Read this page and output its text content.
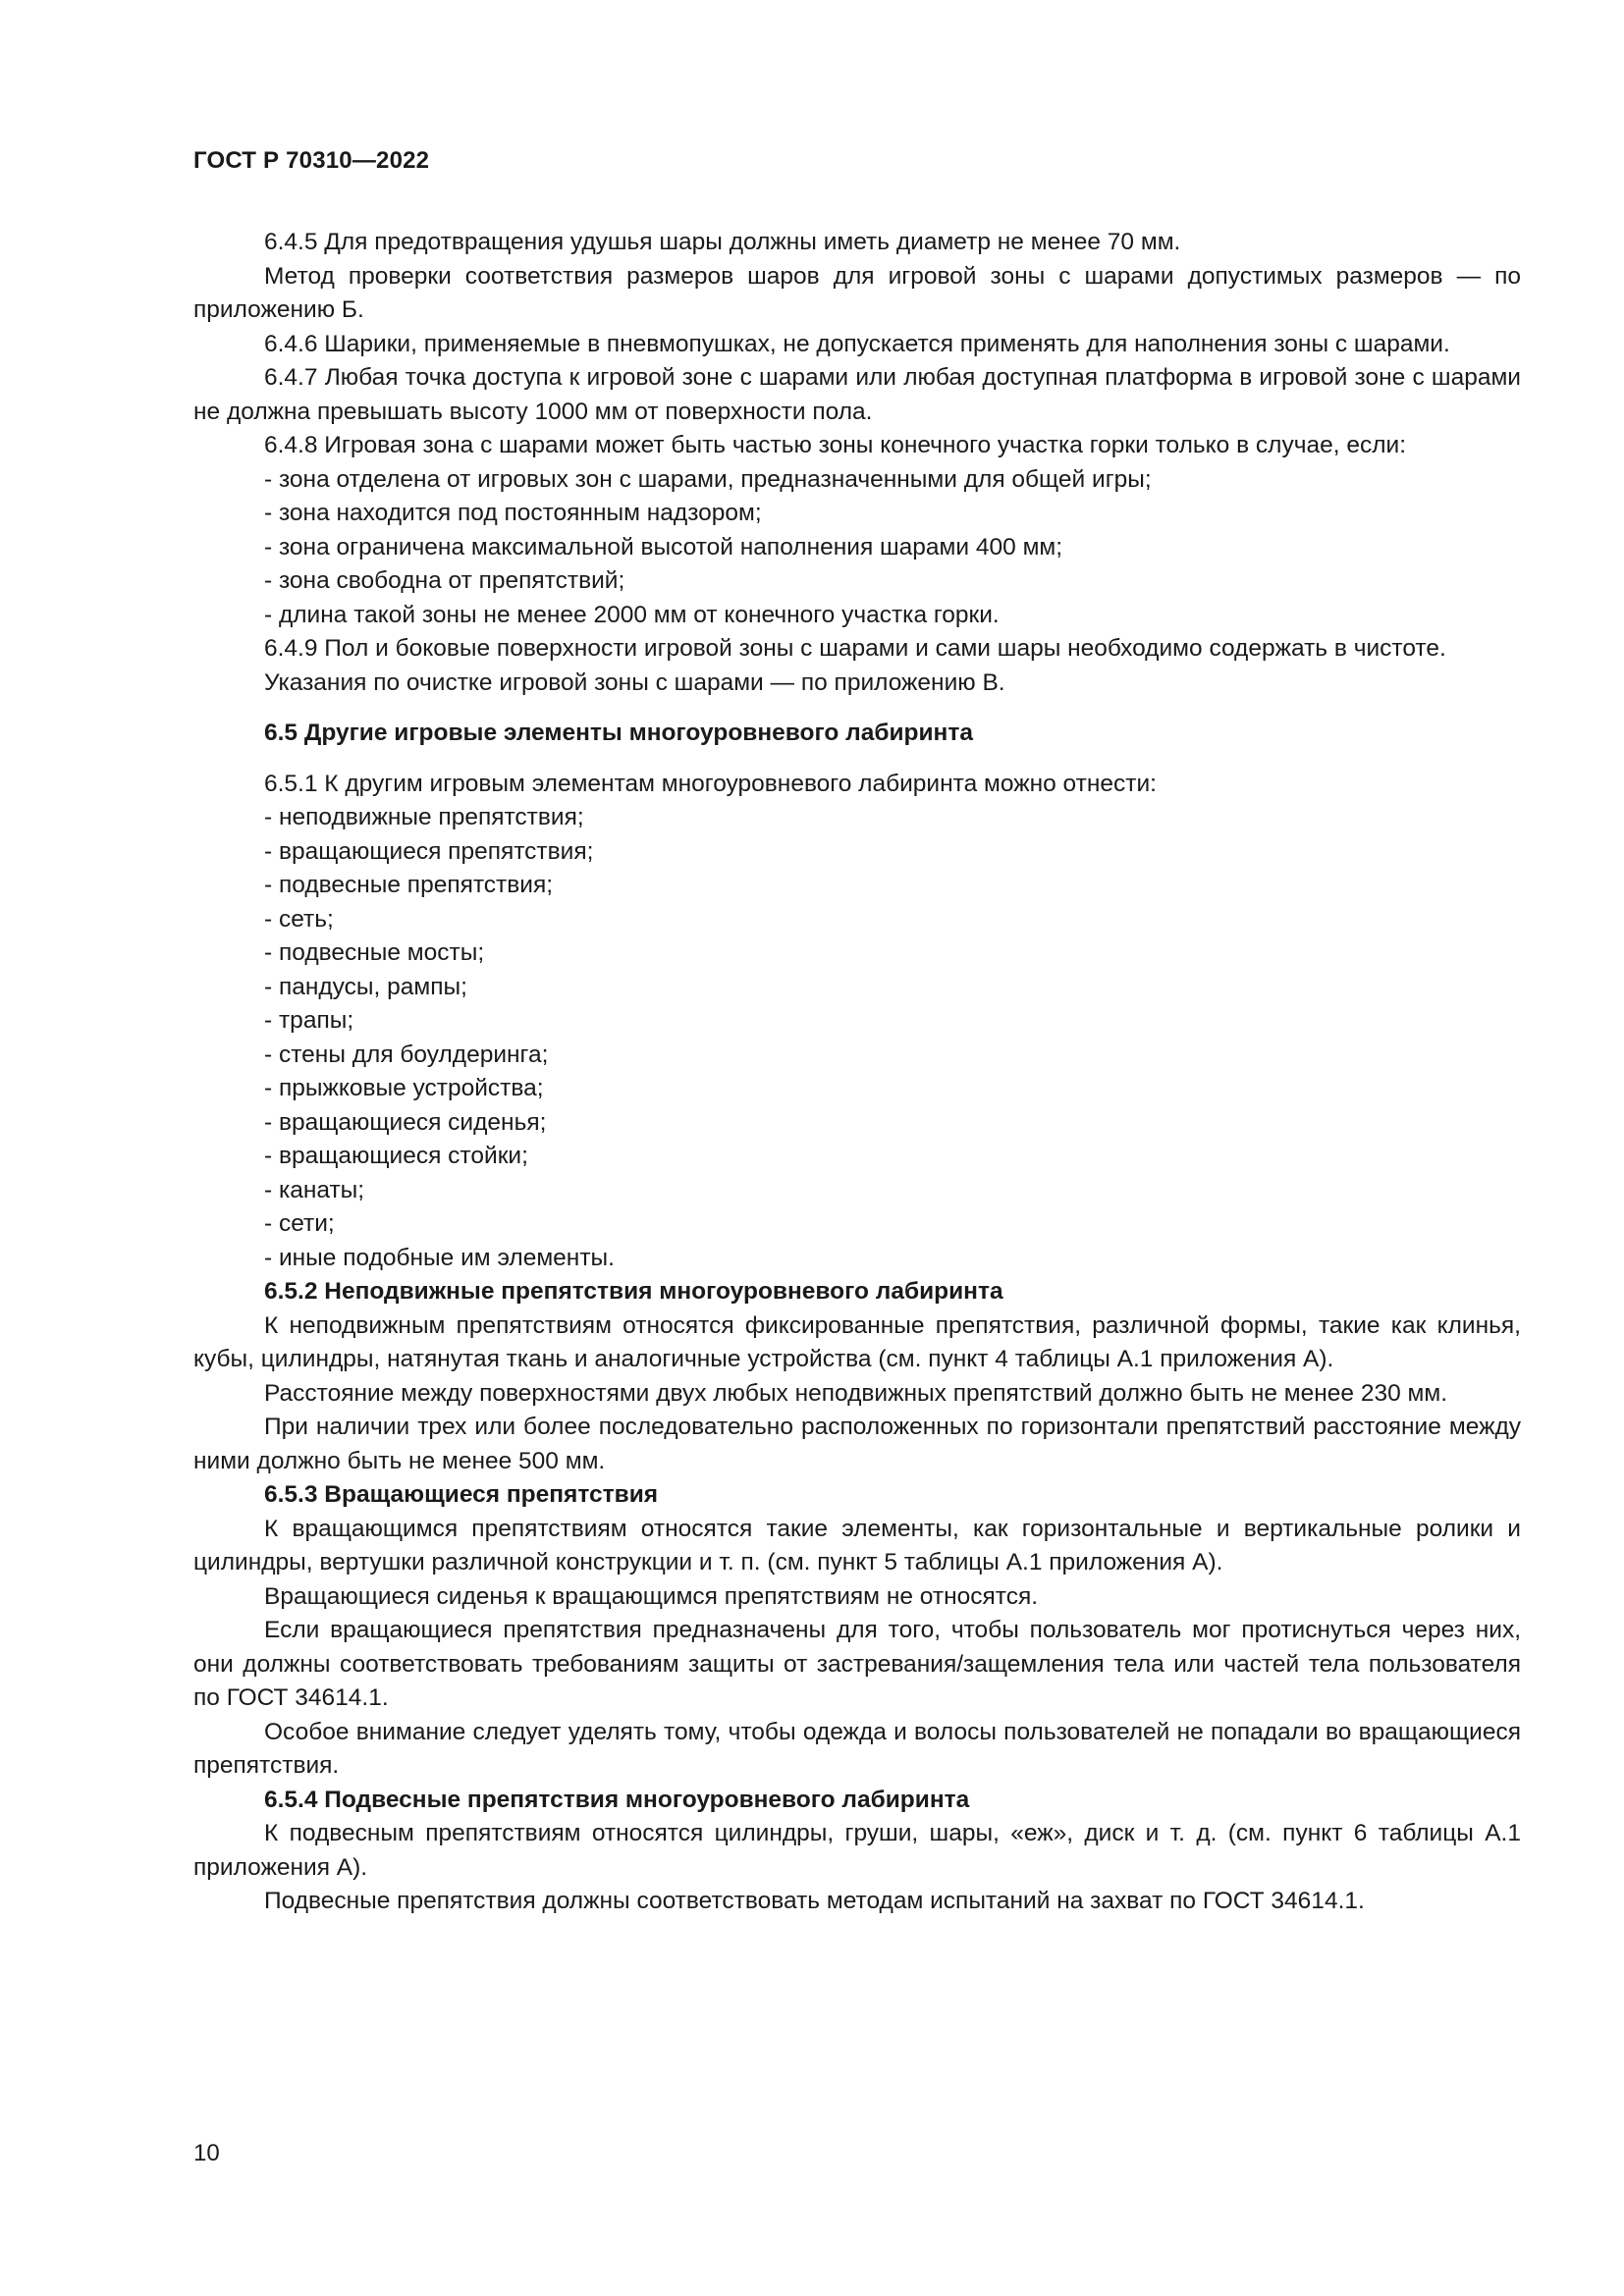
ГОСТ Р 70310—2022

6.4.5 Для предотвращения удушья шары должны иметь диаметр не менее 70 мм.

Метод проверки соответствия размеров шаров для игровой зоны с шарами допустимых размеров — по приложению Б.

6.4.6 Шарики, применяемые в пневмопушках, не допускается применять для наполнения зоны с шарами.

6.4.7 Любая точка доступа к игровой зоне с шарами или любая доступная платформа в игровой зоне с шарами не должна превышать высоту 1000 мм от поверхности пола.

6.4.8 Игровая зона с шарами может быть частью зоны конечного участка горки только в случае, если:

- зона отделена от игровых зон с шарами, предназначенными для общей игры;

- зона находится под постоянным надзором;

- зона ограничена максимальной высотой наполнения шарами 400 мм;

- зона свободна от препятствий;

- длина такой зоны не менее 2000 мм от конечного участка горки.

6.4.9 Пол и боковые поверхности игровой зоны с шарами и сами шары необходимо содержать в чистоте.

Указания по очистке игровой зоны с шарами — по приложению В.

6.5 Другие игровые элементы многоуровневого лабиринта

6.5.1 К другим игровым элементам многоуровневого лабиринта можно отнести:

- неподвижные препятствия;

- вращающиеся препятствия;

- подвесные препятствия;

- сеть;

- подвесные мосты;

- пандусы, рампы;

- трапы;

- стены для боулдеринга;

- прыжковые устройства;

- вращающиеся сиденья;

- вращающиеся стойки;

- канаты;

- сети;

- иные подобные им элементы.

6.5.2 Неподвижные препятствия многоуровневого лабиринта

К неподвижным препятствиям относятся фиксированные препятствия, различной формы, такие как клинья, кубы, цилиндры, натянутая ткань и аналогичные устройства (см. пункт 4 таблицы А.1 приложения А).

Расстояние между поверхностями двух любых неподвижных препятствий должно быть не менее 230 мм.

При наличии трех или более последовательно расположенных по горизонтали препятствий расстояние между ними должно быть не менее 500 мм.

6.5.3 Вращающиеся препятствия

К вращающимся препятствиям относятся такие элементы, как горизонтальные и вертикальные ролики и цилиндры, вертушки различной конструкции и т. п. (см. пункт 5 таблицы А.1 приложения А).

Вращающиеся сиденья к вращающимся препятствиям не относятся.

Если вращающиеся препятствия предназначены для того, чтобы пользователь мог протиснуться через них, они должны соответствовать требованиям защиты от застревания/защемления тела или частей тела пользователя по ГОСТ 34614.1.

Особое внимание следует уделять тому, чтобы одежда и волосы пользователей не попадали во вращающиеся препятствия.

6.5.4 Подвесные препятствия многоуровневого лабиринта

К подвесным препятствиям относятся цилиндры, груши, шары, «еж», диск и т. д. (см. пункт 6 таблицы А.1 приложения А).

Подвесные препятствия должны соответствовать методам испытаний на захват по ГОСТ 34614.1.

10
